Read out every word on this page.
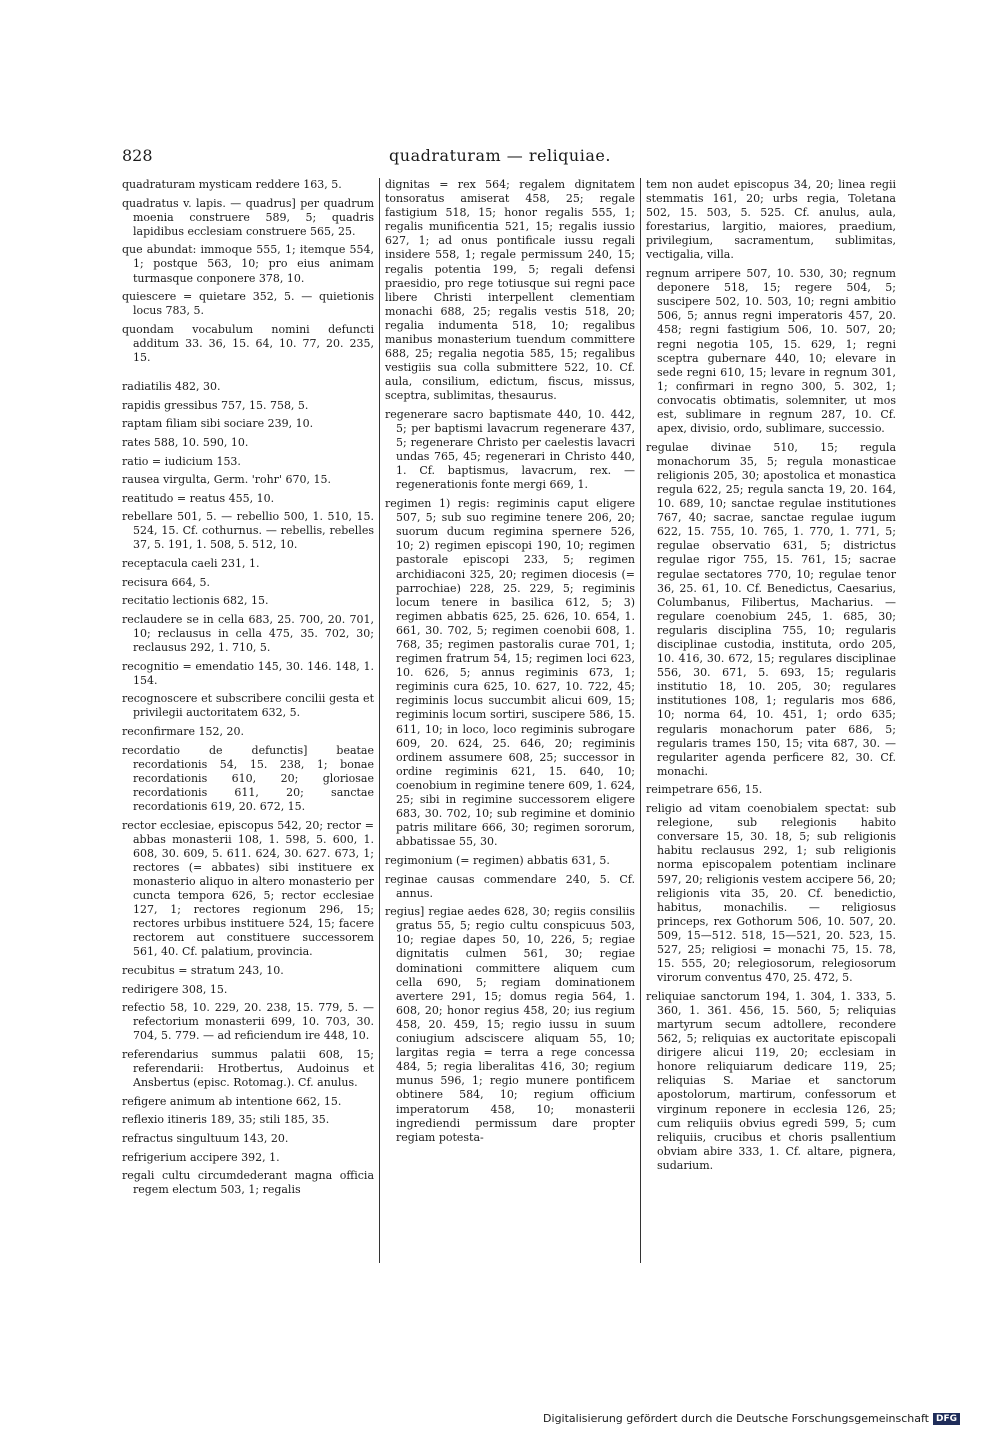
828	quadraturam — reliquiae.

quadraturam mysticam reddere 163, 5.

quadratus v. lapis. — quadrus] per quadrum moenia construere 589, 5; quadris lapidibus ecclesiam construere 565, 25.

que abundat: immoque 555, 1; itemque 554, 1; postque 563, 10; pro eius animam turmasque conponere 378, 10.

quiescere = quietare 352, 5. — quietionis locus 783, 5.

quondam vocabulum nomini defuncti additum 33. 36, 15. 64, 10. 77, 20. 235, 15.

radiatilis 482, 30.

rapidis gressibus 757, 15. 758, 5.

raptam filiam sibi sociare 239, 10.

rates 588, 10. 590, 10.

ratio = iudicium 153.

rausea virgulta, Germ. 'rohr' 670, 15.

reatitudo = reatus 455, 10.

rebellare 501, 5. — rebellio 500, 1. 510, 15. 524, 15. Cf. cothurnus. — rebellis, rebelles 37, 5. 191, 1. 508, 5. 512, 10.

receptacula caeli 231, 1.

recisura 664, 5.

recitatio lectionis 682, 15.

reclaudere se in cella 683, 25. 700, 20. 701, 10; reclausus in cella 475, 35. 702, 30; reclausus 292, 1. 710, 5.

recognitio = emendatio 145, 30. 146. 148, 1. 154.

recognoscere et subscribere concilii gesta et privilegii auctoritatem 632, 5.

reconfirmare 152, 20.

recordatio de defunctis] beatae recordationis 54, 15. 238, 1; bonae recordationis 610, 20; gloriosae recordationis 611, 20; sanctae recordationis 619, 20. 672, 15.

rector ecclesiae, episcopus 542, 20; rector = abbas monasterii 108, 1. 598, 5. 600, 1. 608, 30. 609, 5. 611. 624, 30. 627. 673, 1; rectores (= abbates) sibi instituere ex monasterio aliquo in altero monasterio per cuncta tempora 626, 5; rector ecclesiae 127, 1; rectores regionum 296, 15; rectores urbibus instituere 524, 15; facere rectorem aut constituere successorem 561, 40. Cf. palatium, provincia.

recubitus = stratum 243, 10.

redirigere 308, 15.

refectio 58, 10. 229, 20. 238, 15. 779, 5. — refectorium monasterii 699, 10. 703, 30. 704, 5. 779. — ad reficiendum ire 448, 10.

referendarius summus palatii 608, 15; referendarii: Hrotbertus, Audoinus et Ansbertus (episc. Rotomag.). Cf. anulus.

refigere animum ab intentione 662, 15.

reflexio itineris 189, 35; stili 185, 35.

refractus singultuum 143, 20.

refrigerium accipere 392, 1.

regali cultu circumdederant magna officia regem electum 503, 1; regalis

dignitas = rex 564; regalem dignitatem tonsoratus amiserat 458, 25; regale fastigium 518, 15; honor regalis 555, 1; regalis munificentia 521, 15; regalis iussio 627, 1; ad onus pontificale iussu regali insidere 558, 1; regale permissum 240, 15; regalis potentia 199, 5; regali defensi praesidio, pro rege totiusque sui regni pace libere Christi interpellent clementiam monachi 688, 25; regalis vestis 518, 20; regalia indumenta 518, 10; regalibus manibus monasterium tuendum committere 688, 25; regalia negotia 585, 15; regalibus vestigiis sua colla submittere 522, 10. Cf. aula, consilium, edictum, fiscus, missus, sceptra, sublimitas, thesaurus.

regenerare sacro baptismate 440, 10. 442, 5; per baptismi lavacrum regenerare 437, 5; regenerare Christo per caelestis lavacri undas 765, 45; regenerari in Christo 440, 1. Cf. baptismus, lavacrum, rex. — regenerationis fonte mergi 669, 1.

regimen 1) regis: regiminis caput eligere 507, 5; sub suo regimine tenere 206, 20; suorum ducum regimina spernere 526, 10; 2) regimen episcopi 190, 10; regimen pastorale episcopi 233, 5; regimen archidiaconi 325, 20; regimen diocesis (= parrochiae) 228, 25. 229, 5; regiminis locum tenere in basilica 612, 5; 3) regimen abbatis 625, 25. 626, 10. 654, 1. 661, 30. 702, 5; regimen coenobii 608, 1. 768, 35; regimen pastoralis curae 701, 1; regimen fratrum 54, 15; regimen loci 623, 10. 626, 5; annus regiminis 673, 1; regiminis cura 625, 10. 627, 10. 722, 45; regiminis locus succumbit alicui 609, 15; regiminis locum sortiri, suscipere 586, 15. 611, 10; in loco, loco regiminis subrogare 609, 20. 624, 25. 646, 20; regiminis ordinem assumere 608, 25; successor in ordine regiminis 621, 15. 640, 10; coenobium in regimine tenere 609, 1. 624, 25; sibi in regimine successorem eligere 683, 30. 702, 10; sub regimine et dominio patris militare 666, 30; regimen sororum, abbatissae 55, 30.

regimonium (= regimen) abbatis 631, 5.

reginae causas commendare 240, 5. Cf. annus.

regius] regiae aedes 628, 30; regiis consiliis gratus 55, 5; regio cultu conspicuus 503, 10; regiae dapes 50, 10, 226, 5; regiae dignitatis culmen 561, 30; regiae dominationi committere aliquem cum cella 690, 5; regiam dominationem avertere 291, 15; domus regia 564, 1. 608, 20; honor regius 458, 20; ius regium 458, 20. 459, 15; regio iussu in suum coniugium adsciscere aliquam 55, 10; largitas regia = terra a rege concessa 484, 5; regia liberalitas 416, 30; regium munus 596, 1; regio munere pontificem obtinere 584, 10; regium officium imperatorum 458, 10; monasterii ingrediendi permissum dare propter regiam potesta-

tem non audet episcopus 34, 20; linea regii stemmatis 161, 20; urbs regia, Toletana 502, 15. 503, 5. 525. Cf. anulus, aula, forestarius, largitio, maiores, praedium, privilegium, sacramentum, sublimitas, vectigalia, villa.

regnum arripere 507, 10. 530, 30; regnum deponere 518, 15; regere 504, 5; suscipere 502, 10. 503, 10; regni ambitio 506, 5; annus regni imperatoris 457, 20. 458; regni fastigium 506, 10. 507, 20; regni negotia 105, 15. 629, 1; regni sceptra gubernare 440, 10; elevare in sede regni 610, 15; levare in regnum 301, 1; confirmari in regno 300, 5. 302, 1; convocatis obtimatis, solemniter, ut mos est, sublimare in regnum 287, 10. Cf. apex, divisio, ordo, sublimare, successio.

regulae divinae 510, 15; regula monachorum 35, 5; regula monasticae religionis 205, 30; apostolica et monastica regula 622, 25; regula sancta 19, 20. 164, 10. 689, 10; sanctae regulae institutiones 767, 40; sacrae, sanctae regulae iugum 622, 15. 755, 10. 765, 1. 770, 1. 771, 5; regulae observatio 631, 5; districtus regulae rigor 755, 15. 761, 15; sacrae regulae sectatores 770, 10; regulae tenor 36, 25. 61, 10. Cf. Benedictus, Caesarius, Columbanus, Filibertus, Macharius. — regulare coenobium 245, 1. 685, 30; regularis disciplina 755, 10; regularis disciplinae custodia, instituta, ordo 205, 10. 416, 30. 672, 15; regulares disciplinae 556, 30. 671, 5. 693, 15; regularis institutio 18, 10. 205, 30; regulares institutiones 108, 1; regularis mos 686, 10; norma 64, 10. 451, 1; ordo 635; regularis monachorum pater 686, 5; regularis trames 150, 15; vita 687, 30. — regulariter agenda perficere 82, 30. Cf. monachi.

reimpetrare 656, 15.

religio ad vitam coenobialem spectat: sub relegione, sub relegionis habito conversare 15, 30. 18, 5; sub religionis habitu reclausus 292, 1; sub religionis norma episcopalem potentiam inclinare 597, 20; religionis vestem accipere 56, 20; religionis vita 35, 20. Cf. benedictio, habitus, monachilis. — religiosus princeps, rex Gothorum 506, 10. 507, 20. 509, 15—512. 518, 15—521, 20. 523, 15. 527, 25; religiosi = monachi 75, 15. 78, 15. 555, 20; relegiosorum, relegiosorum virorum conventus 470, 25. 472, 5.

reliquiae sanctorum 194, 1. 304, 1. 333, 5. 360, 1. 361. 456, 15. 560, 5; reliquias martyrum secum adtollere, recondere 562, 5; reliquias ex auctoritate episcopali dirigere alicui 119, 20; ecclesiam in honore reliquiarum dedicare 119, 25; reliquias S. Mariae et sanctorum apostolorum, martirum, confessorum et virginum reponere in ecclesia 126, 25; cum reliquiis obvius egredi 599, 5; cum reliquiis, crucibus et choris psallentium obviam abire 333, 1. Cf. altare, pignera, sudarium.

Digitalisierung gefördert durch die Deutsche Forschungsgemeinschaft DFG
